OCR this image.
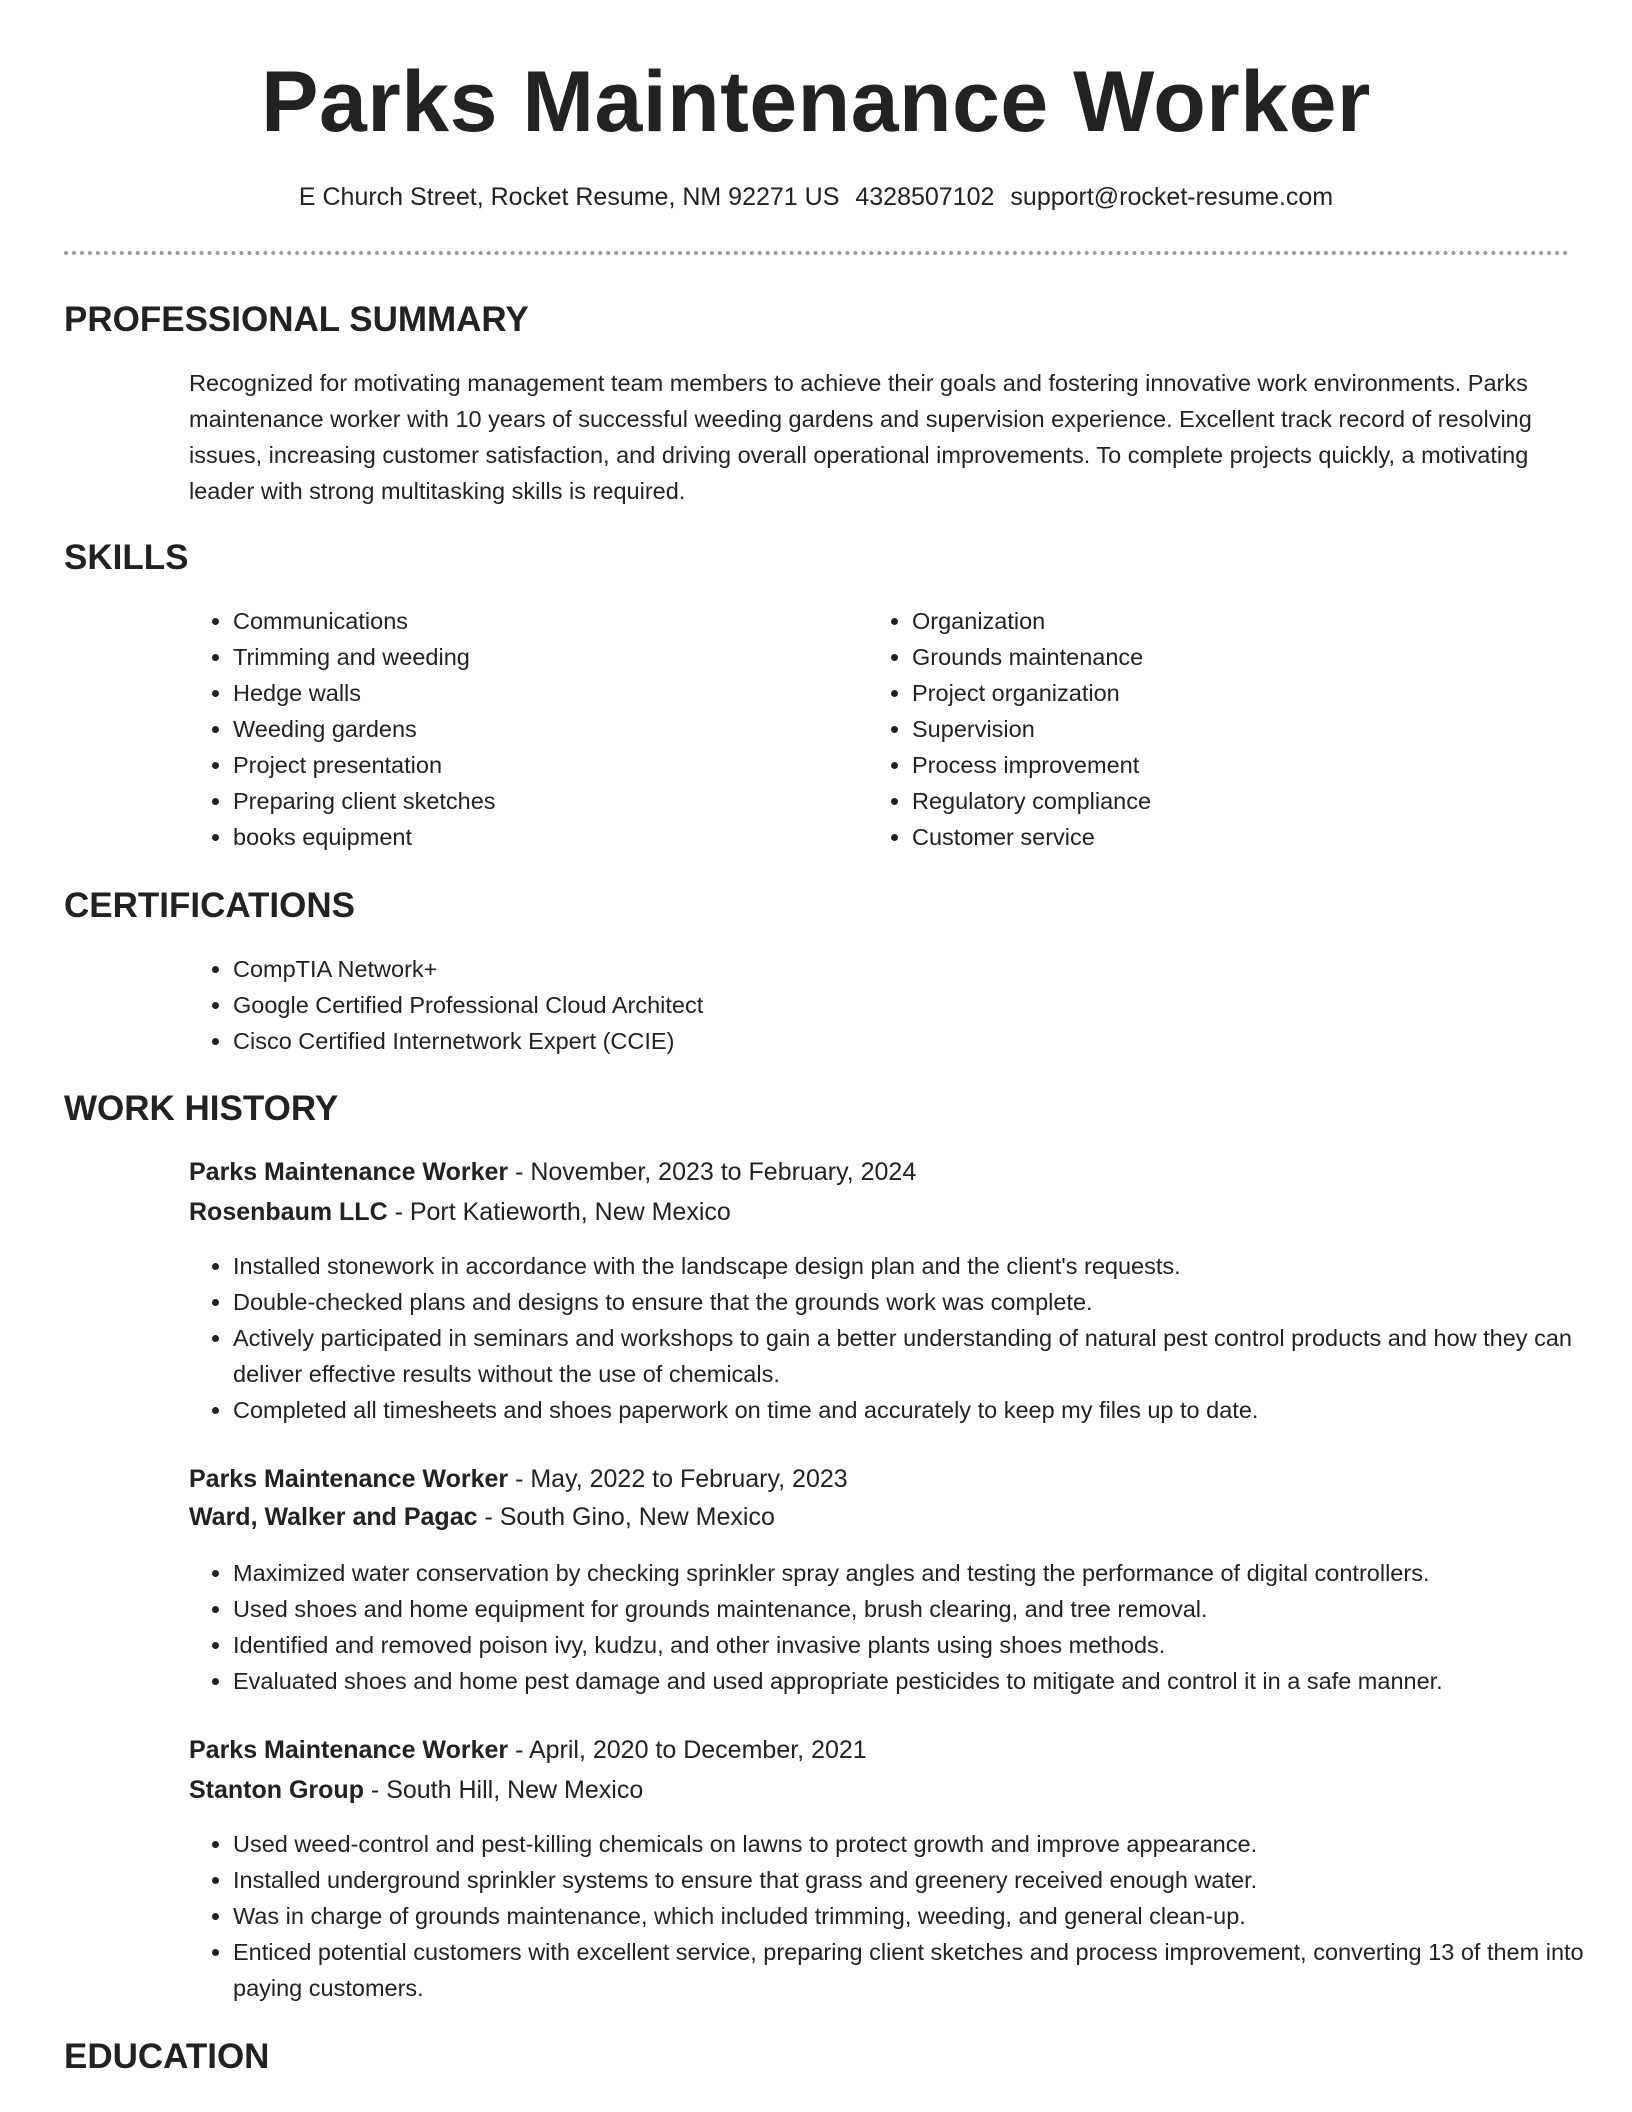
Parks Maintenance Worker
E Church Street, Rocket Resume, NM 92271 US 4328507102 support@rocket-resume.com
PROFESSIONAL SUMMARY

Recognized for motivating management team members to achieve their goals and fostering innovative work environments. Parks maintenance worker with 10 years of successful weeding gardens and supervision experience. Excellent track record of resolving issues, increasing customer satisfaction, and driving overall operational improvements. To complete projects quickly, a motivating leader with strong multitasking skills is required.

SKILLS
• Communications
• Trimming and weeding
• Hedge walls
• Weeding gardens
• Project presentation
• Preparing client sketches
• books equipment
• Organization
• Grounds maintenance
• Project organization
• Supervision
• Process improvement
• Regulatory compliance
• Customer service
CERTIFICATIONS
• CompTIA Network+
• Google Certified Professional Cloud Architect
• Cisco Certified Internetwork Expert (CCIE)
WORK HISTORY
Parks Maintenance Worker - November, 2023 to February, 2024
Rosenbaum LLC - Port Katieworth, New Mexico
• Installed stonework in accordance with the landscape design plan and the client's requests.
• Double-checked plans and designs to ensure that the grounds work was complete.
• Actively participated in seminars and workshops to gain a better understanding of natural pest control products and how they can deliver effective results without the use of chemicals.
• Completed all timesheets and shoes paperwork on time and accurately to keep my files up to date.
Parks Maintenance Worker - May, 2022 to February, 2023
Ward, Walker and Pagac - South Gino, New Mexico
• Maximized water conservation by checking sprinkler spray angles and testing the performance of digital controllers.
• Used shoes and home equipment for grounds maintenance, brush clearing, and tree removal.
• Identified and removed poison ivy, kudzu, and other invasive plants using shoes methods.
• Evaluated shoes and home pest damage and used appropriate pesticides to mitigate and control it in a safe manner.
Parks Maintenance Worker - April, 2020 to December, 2021
Stanton Group - South Hill, New Mexico
• Used weed-control and pest-killing chemicals on lawns to protect growth and improve appearance.
• Installed underground sprinkler systems to ensure that grass and greenery received enough water.
• Was in charge of grounds maintenance, which included trimming, weeding, and general clean-up.
• Enticed potential customers with excellent service, preparing client sketches and process improvement, converting 13 of them into paying customers.
EDUCATION
